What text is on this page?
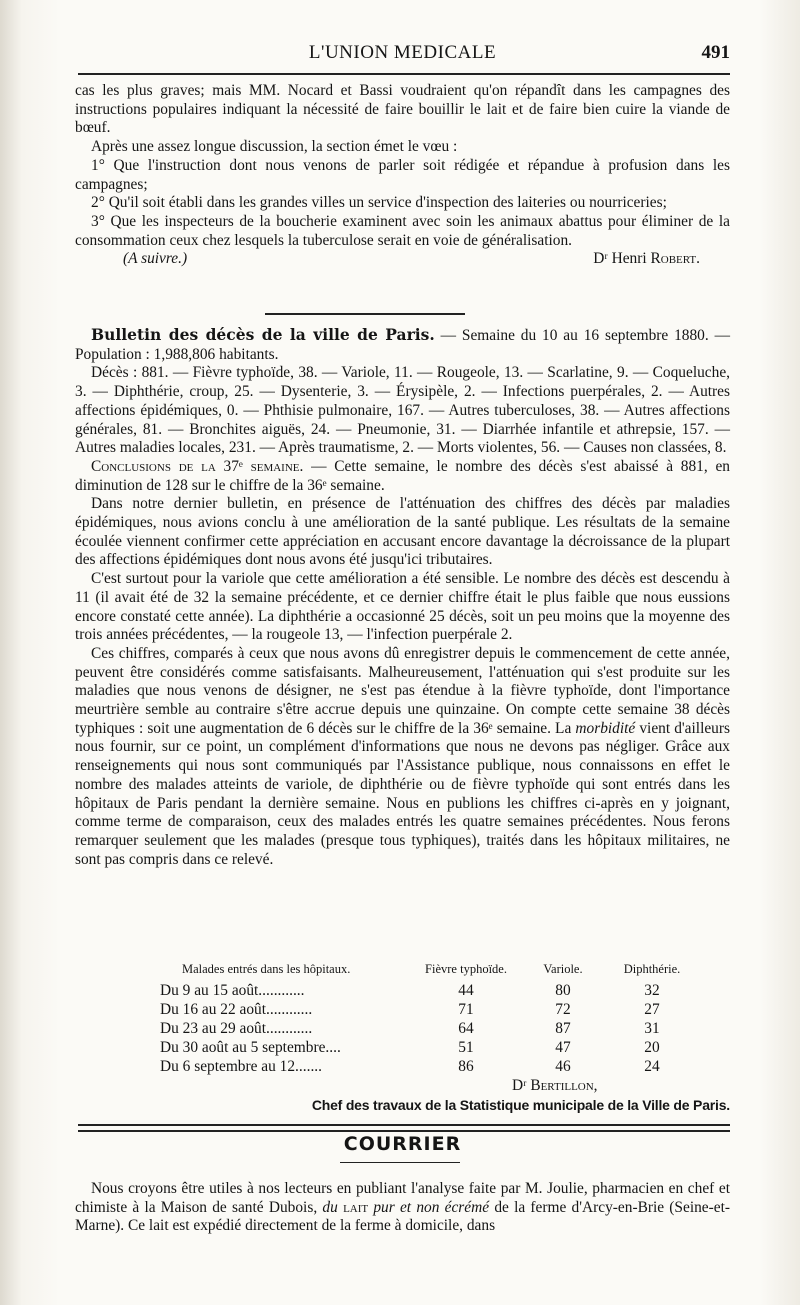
L'UNION MEDICALE	491

cas les plus graves; mais MM. Nocard et Bassi voudraient qu'on répandît dans les campagnes des instructions populaires indiquant la nécessité de faire bouillir le lait et de faire bien cuire la viande de bœuf.

Après une assez longue discussion, la section émet le vœu :

1° Que l'instruction dont nous venons de parler soit rédigée et répandue à profusion dans les campagnes;

2° Qu'il soit établi dans les grandes villes un service d'inspection des laiteries ou nourriceries;

3° Que les inspecteurs de la boucherie examinent avec soin les animaux abattus pour éliminer de la consommation ceux chez lesquels la tuberculose serait en voie de généralisation.

(A suivre.)	Dʳ Henri Robert.

Bulletin des décès de la ville de Paris. — Semaine du 10 au 16 septembre 1880. — Population : 1,988,806 habitants.

Décès : 881. — Fièvre typhoïde, 38. — Variole, 11. — Rougeole, 13. — Scarlatine, 9. — Coqueluche, 3. — Diphthérie, croup, 25. — Dysenterie, 3. — Érysipèle, 2. — Infections puerpérales, 2. — Autres affections épidémiques, 0. — Phthisie pulmonaire, 167. — Autres tuberculoses, 38. — Autres affections générales, 81. — Bronchites aiguës, 24. — Pneumonie, 31. — Diarrhée infantile et athrepsie, 157. — Autres maladies locales, 231. — Après traumatisme, 2. — Morts violentes, 56. — Causes non classées, 8.

Conclusions de la 37ᵉ semaine. — Cette semaine, le nombre des décès s'est abaissé à 881, en diminution de 128 sur le chiffre de la 36ᵉ semaine.

Dans notre dernier bulletin, en présence de l'atténuation des chiffres des décès par maladies épidémiques, nous avions conclu à une amélioration de la santé publique. Les résultats de la semaine écoulée viennent confirmer cette appréciation en accusant encore davantage la décroissance de la plupart des affections épidémiques dont nous avons été jusqu'ici tributaires.

C'est surtout pour la variole que cette amélioration a été sensible. Le nombre des décès est descendu à 11 (il avait été de 32 la semaine précédente, et ce dernier chiffre était le plus faible que nous eussions encore constaté cette année). La diphthérie a occasionné 25 décès, soit un peu moins que la moyenne des trois années précédentes, — la rougeole 13, — l'infection puerpérale 2.

Ces chiffres, comparés à ceux que nous avons dû enregistrer depuis le commencement de cette année, peuvent être considérés comme satisfaisants. Malheureusement, l'atténuation qui s'est produite sur les maladies que nous venons de désigner, ne s'est pas étendue à la fièvre typhoïde, dont l'importance meurtrière semble au contraire s'être accrue depuis une quinzaine. On compte cette semaine 38 décès typhiques : soit une augmentation de 6 décès sur le chiffre de la 36ᵉ semaine. La morbidité vient d'ailleurs nous fournir, sur ce point, un complément d'informations que nous ne devons pas négliger. Grâce aux renseignements qui nous sont communiqués par l'Assistance publique, nous connaissons en effet le nombre des malades atteints de variole, de diphthérie ou de fièvre typhoïde qui sont entrés dans les hôpitaux de Paris pendant la dernière semaine. Nous en publions les chiffres ci-après en y joignant, comme terme de comparaison, ceux des malades entrés les quatre semaines précédentes. Nous ferons remarquer seulement que les malades (presque tous typhiques), traités dans les hôpitaux militaires, ne sont pas compris dans ce relevé.

Malades entrés dans les hôpitaux.	Fièvre typhoïde.	Variole.	Diphthérie.
Du 9 au 15 août............	44	80	32
Du 16 au 22 août............	71	72	27
Du 23 au 29 août............	64	87	31
Du 30 août au 5 septembre....	51	47	20
Du 6 septembre au 12.......	86	46	24
Dʳ Bertillon,
Chef des travaux de la Statistique municipale de la Ville de Paris.
COURRIER

Nous croyons être utiles à nos lecteurs en publiant l'analyse faite par M. Joulie, pharmacien en chef et chimiste à la Maison de santé Dubois, du lait pur et non écrémé de la ferme d'Arcy-en-Brie (Seine-et-Marne). Ce lait est expédié directement de la ferme à domicile, dans
